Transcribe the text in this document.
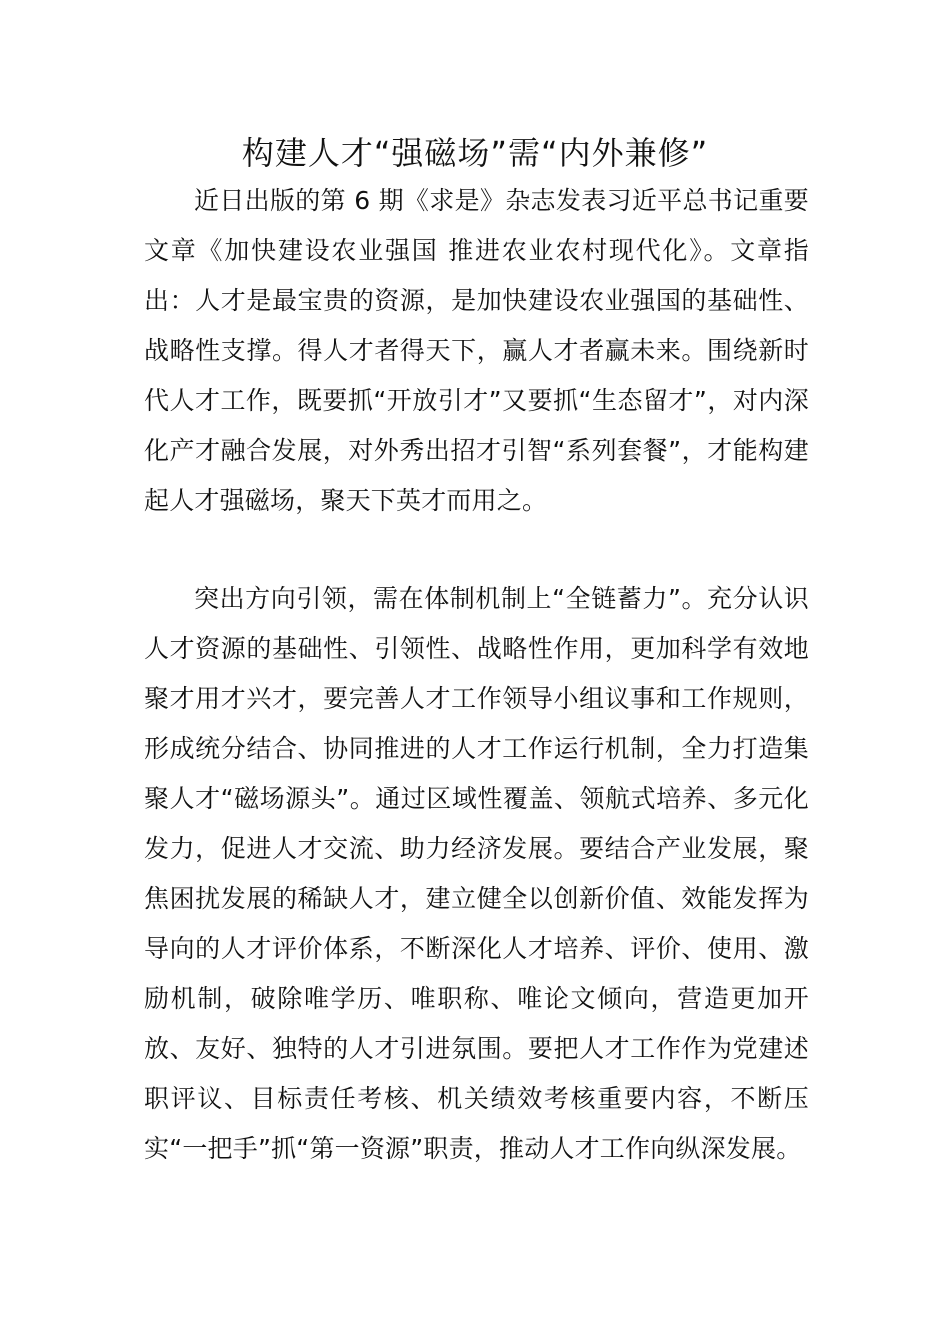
构建人才“强磁场”需“内外兼修”

近日出版的第 6 期《求是》杂志发表习近平总书记重要文章《加快建设农业强国 推进农业农村现代化》。文章指出：人才是最宝贵的资源，是加快建设农业强国的基础性、战略性支撑。得人才者得天下，赢人才者赢未来。围绕新时代人才工作，既要抓“开放引才”又要抓“生态留才”，对内深化产才融合发展，对外秀出招才引智“系列套餐”，才能构建起人才强磁场，聚天下英才而用之。

突出方向引领，需在体制机制上“全链蓄力”。充分认识人才资源的基础性、引领性、战略性作用，更加科学有效地聚才用才兴才，要完善人才工作领导小组议事和工作规则，形成统分结合、协同推进的人才工作运行机制，全力打造集聚人才“磁场源头”。通过区域性覆盖、领航式培养、多元化发力，促进人才交流、助力经济发展。要结合产业发展，聚焦困扰发展的稀缺人才，建立健全以创新价值、效能发挥为导向的人才评价体系，不断深化人才培养、评价、使用、激励机制，破除唯学历、唯职称、唯论文倾向，营造更加开放、友好、独特的人才引进氛围。要把人才工作作为党建述职评议、目标责任考核、机关绩效考核重要内容，不断压实“一把手”抓“第一资源”职责，推动人才工作向纵深发展。
